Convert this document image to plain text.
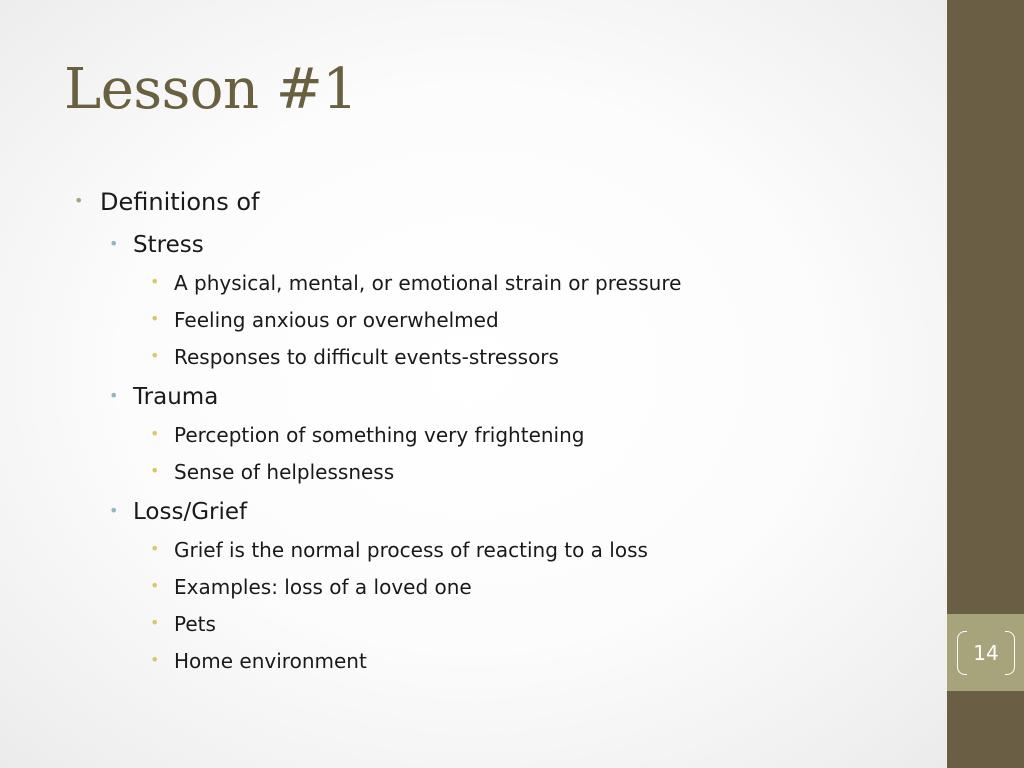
Lesson #1
• Definitions of
• Stress
• A physical, mental, or emotional strain or pressure
• Feeling anxious or overwhelmed
• Responses to difficult events-stressors
• Trauma
• Perception of something very frightening
• Sense of helplessness
• Loss/Grief
• Grief is the normal process of reacting to a loss
• Examples: loss of a loved one
• Pets
• Home environment	14
